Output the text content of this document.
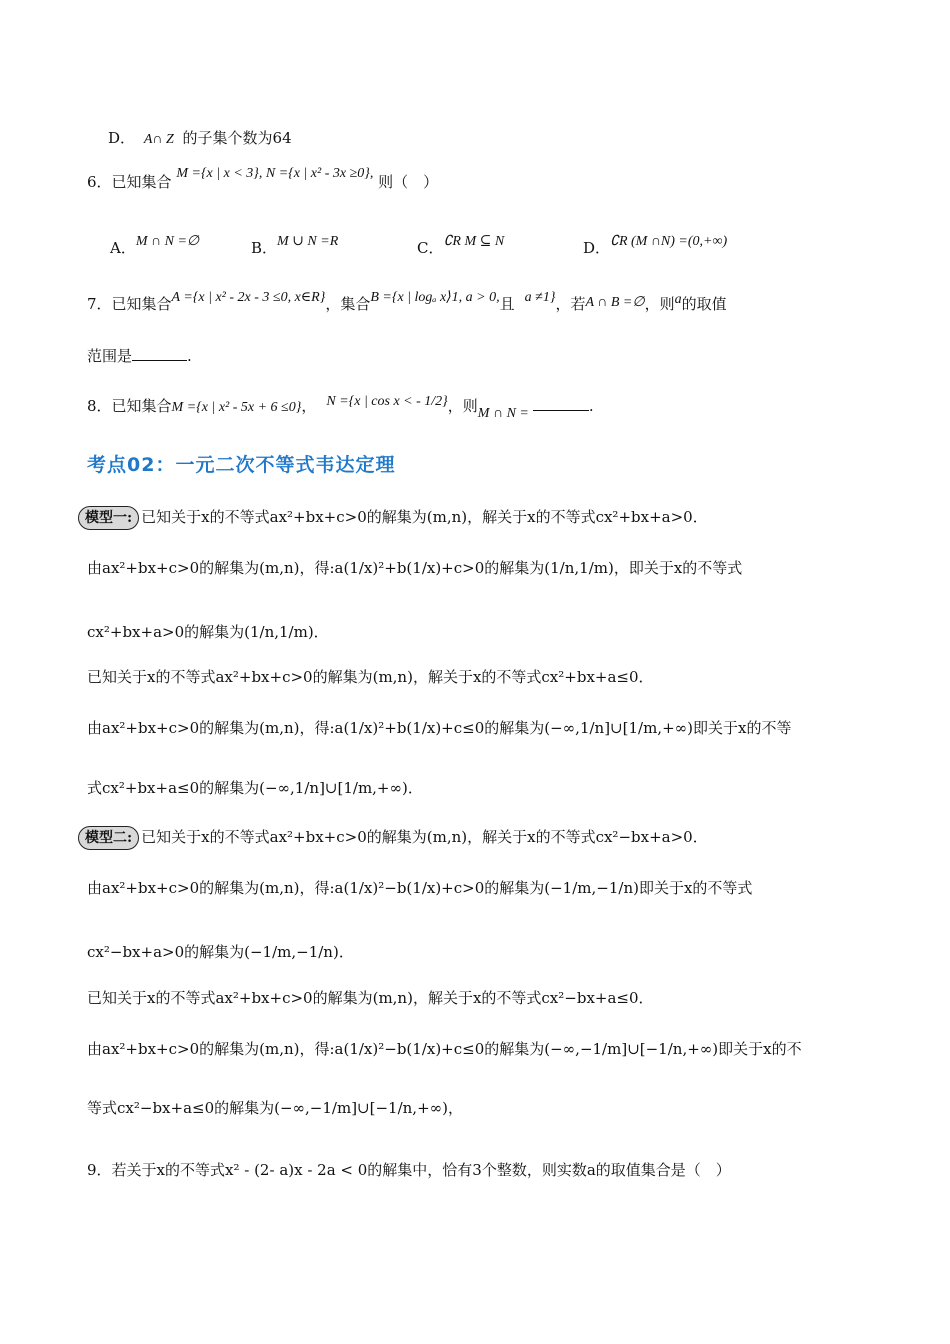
D． A∩ Z 的子集个数为64
6．已知集合 M ={x | x < 3}, N ={x | x² - 3x ≥0}, 则（　）
A．M ∩ N =∅	B．M ∪ N =R	C．∁R M ⊆ N	D．∁R (M ∩N) =(0,+∞)
7．已知集合A ={x | x² - 2x - 3 ≤0, x∈R}，集合B ={x | logₐ x⟩1, a > 0,且 a ≠1}，若A ∩ B =∅，则a的取值
范围是	.
8．已知集合M ={x | x² - 5x + 6 ≤0}， N ={x | cos x < - 1/2}，则M ∩ N =	.
考点02：一元二次不等式韦达定理
模型一: 已知关于x的不等式ax²+bx+c>0的解集为(m,n)，解关于x的不等式cx²+bx+a>0．
由ax²+bx+c>0的解集为(m,n)，得:a(1/x)²+b(1/x)+c>0的解集为(1/n,1/m)，即关于x的不等式
cx²+bx+a>0的解集为(1/n,1/m)．
已知关于x的不等式ax²+bx+c>0的解集为(m,n)，解关于x的不等式cx²+bx+a≤0．
由ax²+bx+c>0的解集为(m,n)，得:a(1/x)²+b(1/x)+c≤0的解集为(−∞,1/n]∪[1/m,+∞)即关于x的不等
式cx²+bx+a≤0的解集为(−∞,1/n]∪[1/m,+∞)．
模型二: 已知关于x的不等式ax²+bx+c>0的解集为(m,n)，解关于x的不等式cx²−bx+a>0．
由ax²+bx+c>0的解集为(m,n)，得:a(1/x)²−b(1/x)+c>0的解集为(−1/m,−1/n)即关于x的不等式
cx²−bx+a>0的解集为(−1/m,−1/n)．
已知关于x的不等式ax²+bx+c>0的解集为(m,n)，解关于x的不等式cx²−bx+a≤0．
由ax²+bx+c>0的解集为(m,n)，得:a(1/x)²−b(1/x)+c≤0的解集为(−∞,−1/m]∪[−1/n,+∞)即关于x的不
等式cx²−bx+a≤0的解集为(−∞,−1/m]∪[−1/n,+∞)，
9．若关于x的不等式x² - (2- a)x - 2a < 0的解集中，恰有3个整数，则实数a的取值集合是（　）
